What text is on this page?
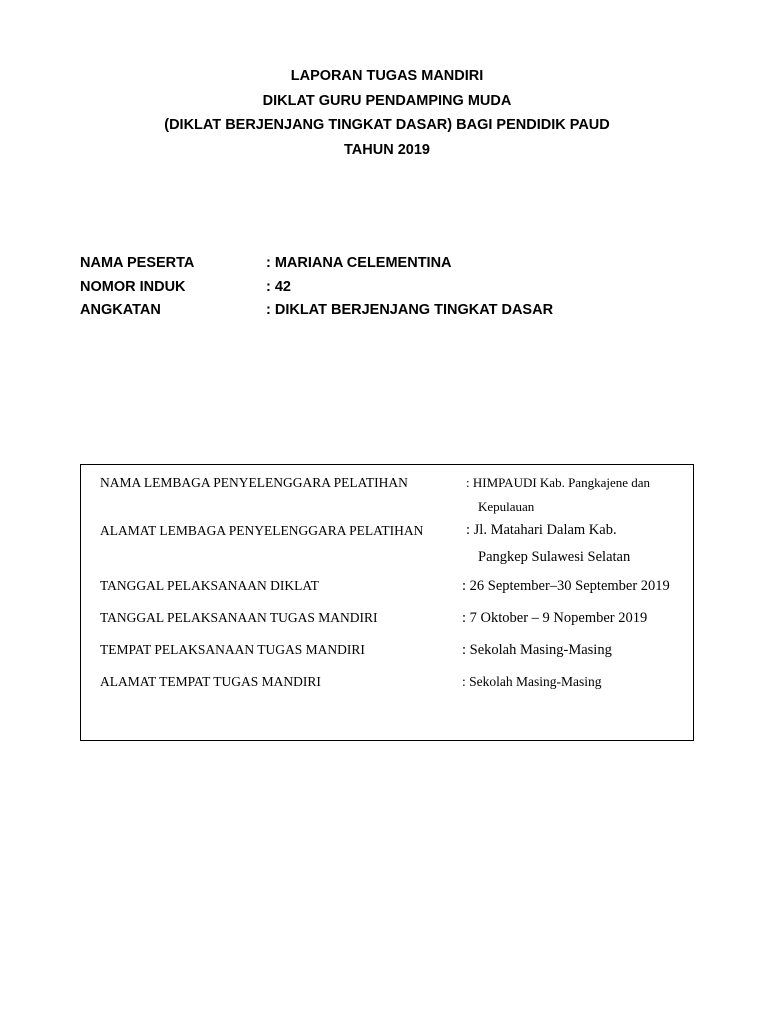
LAPORAN TUGAS MANDIRI
DIKLAT GURU PENDAMPING MUDA
(DIKLAT BERJENJANG TINGKAT DASAR) BAGI PENDIDIK PAUD
TAHUN 2019
NAMA PESERTA	: MARIANA CELEMENTINA
NOMOR INDUK	: 42
ANGKATAN	: DIKLAT BERJENJANG TINGKAT DASAR
NAMA LEMBAGA PENYELENGGARA PELATIHAN	: HIMPAUDI Kab. Pangkajene dan
Kepulauan
ALAMAT LEMBAGA PENYELENGGARA PELATIHAN	: Jl. Matahari Dalam Kab.
Pangkep Sulawesi Selatan
TANGGAL PELAKSANAAN DIKLAT	: 26 September–30 September 2019
TANGGAL PELAKSANAAN TUGAS MANDIRI	: 7 Oktober – 9 Nopember 2019
TEMPAT PELAKSANAAN TUGAS MANDIRI	: Sekolah Masing-Masing
ALAMAT TEMPAT TUGAS MANDIRI	: Sekolah Masing-Masing
